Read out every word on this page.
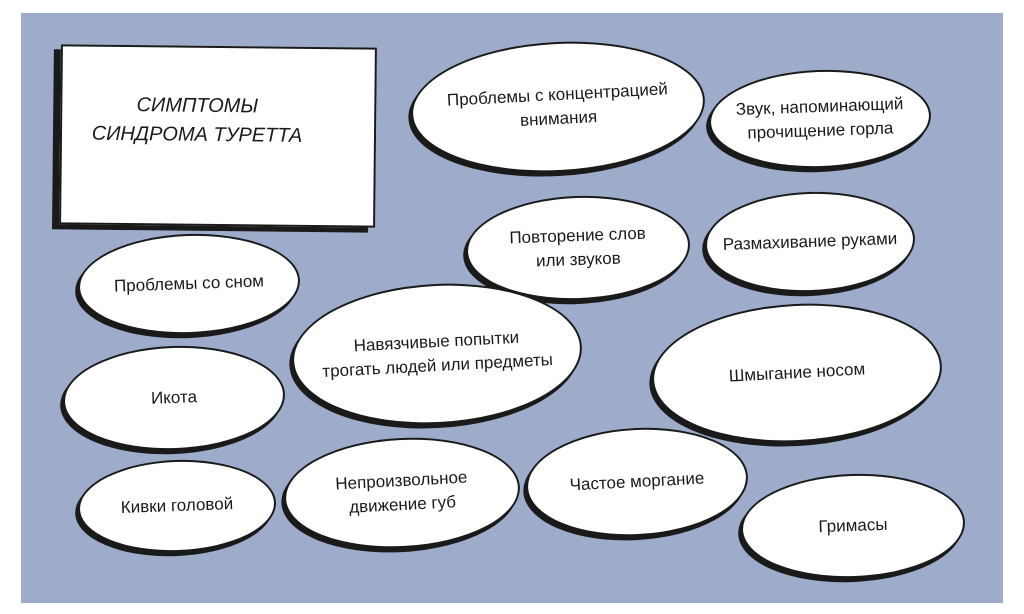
СИМПТОМЫ
СИНДРОМА ТУРЕТТА
Проблемы с концентрацией
внимания	Звук, напоминающий
прочищение горла
Повторение слов
или звуков
Размахивание руками
Проблемы со сном
Навязчивые попытки
трогать людей или предметы	Шмыгание носом
Икота
Непроизвольное
движение губ
Частое моргание
Кивки головой
Гримасы
